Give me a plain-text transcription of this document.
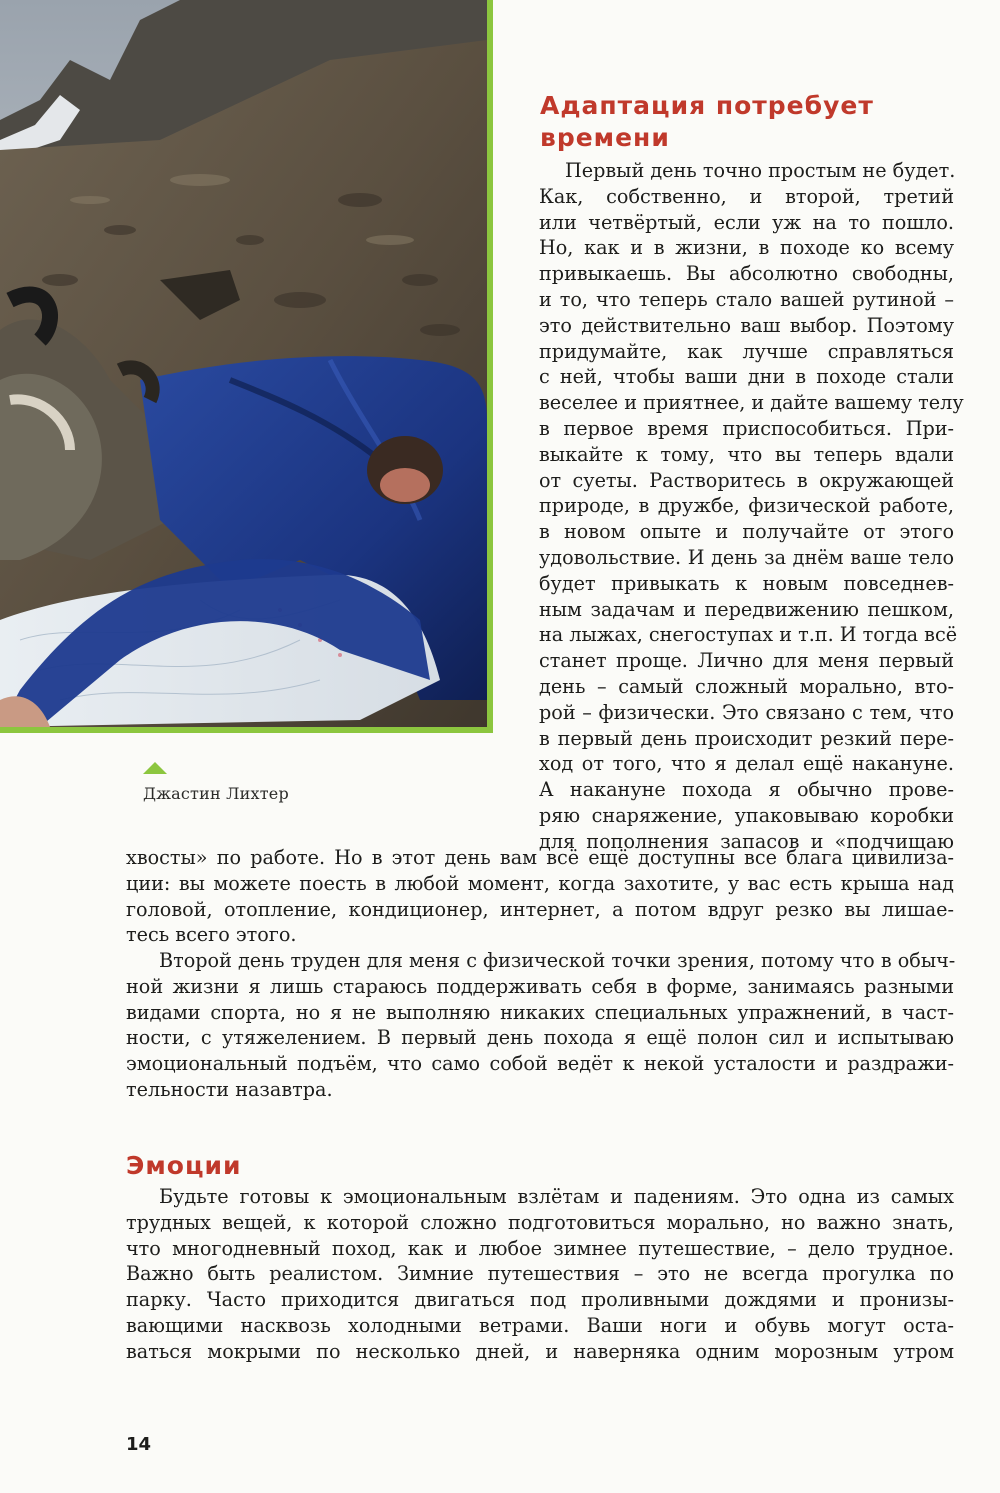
Джастин Лихтер
Адаптация потребует времени

Первый день точно простым не будет.
Как, собственно, и второй, третий
или четвёртый, если уж на то пошло.
Но, как и в жизни, в походе ко всему
привыкаешь. Вы абсолютно свободны,
и то, что теперь стало вашей рутиной –
это действительно ваш выбор. Поэтому
придумайте, как лучше справляться
с ней, чтобы ваши дни в походе стали
веселее и приятнее, и дайте вашему телу
в первое время приспособиться. При-
выкайте к тому, что вы теперь вдали
от суеты. Растворитесь в окружающей
природе, в дружбе, физической работе,
в новом опыте и получайте от этого
удовольствие. И день за днём ваше тело
будет привыкать к новым повседнев-
ным задачам и передвижению пешком,
на лыжах, снегоступах и т.п. И тогда всё
станет проще. Лично для меня первый
день – самый сложный морально, вто-
рой – физически. Это связано с тем, что
в первый день происходит резкий пере-
ход от того, что я делал ещё накануне.
А накануне похода я обычно прове-
ряю снаряжение, упаковываю коробки
для пополнения запасов и «подчищаю

хвосты» по работе. Но в этот день вам всё ещё доступны все блага цивилиза-
ции: вы можете поесть в любой момент, когда захотите, у вас есть крыша над
головой, отопление, кондиционер, интернет, а потом вдруг резко вы лишае-
тесь всего этого.

Второй день труден для меня с физической точки зрения, потому что в обыч-
ной жизни я лишь стараюсь поддерживать себя в форме, занимаясь разными
видами спорта, но я не выполняю никаких специальных упражнений, в част-
ности, с утяжелением. В первый день похода я ещё полон сил и испытываю
эмоциональный подъём, что само собой ведёт к некой усталости и раздражи-
тельности назавтра.

Эмоции

Будьте готовы к эмоциональным взлётам и падениям. Это одна из самых
трудных вещей, к которой сложно подготовиться морально, но важно знать,
что многодневный поход, как и любое зимнее путешествие, – дело трудное.
Важно быть реалистом. Зимние путешествия – это не всегда прогулка по
парку. Часто приходится двигаться под проливными дождями и пронизы-
вающими насквозь холодными ветрами. Ваши ноги и обувь могут оста-
ваться мокрыми по несколько дней, и наверняка одним морозным утром

14
